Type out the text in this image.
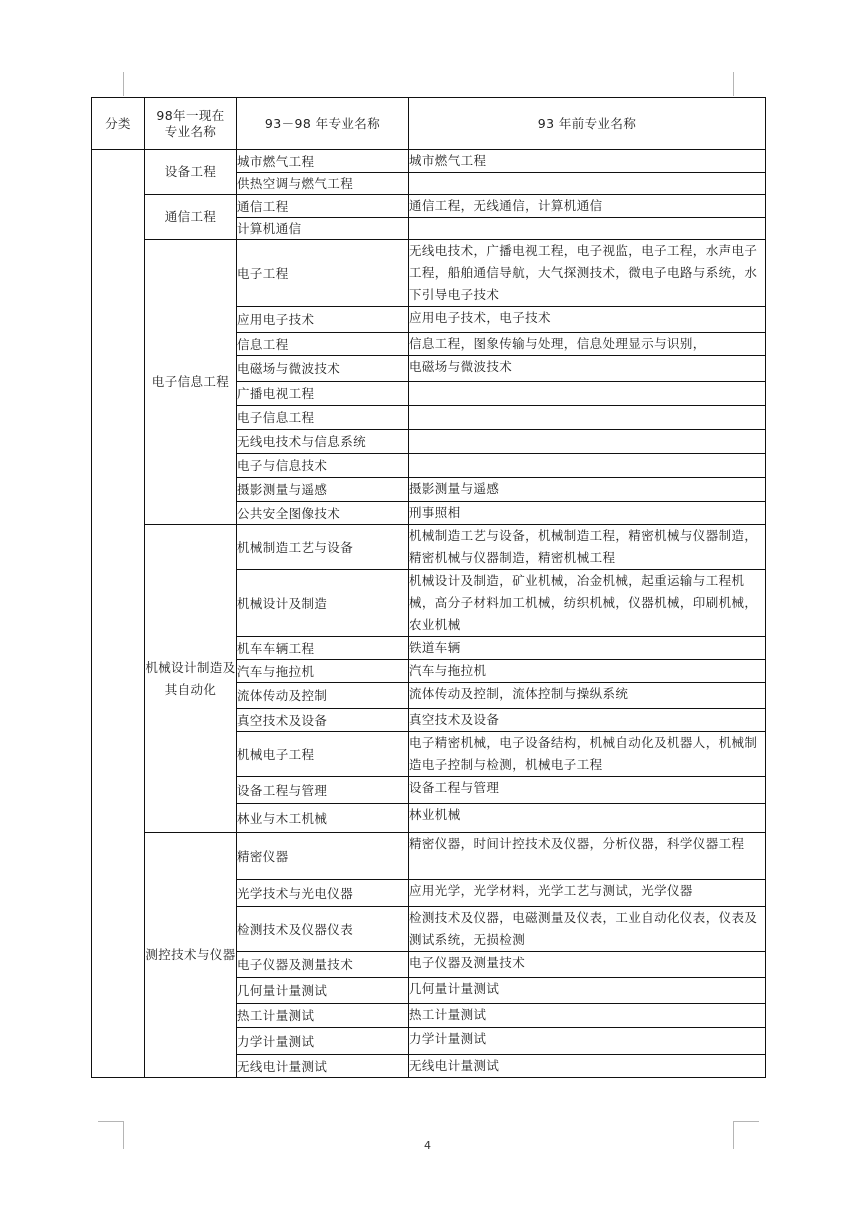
分类	98年一现在专业名称	93－98 年专业名称	93 年前专业名称
	设备工程	城市燃气工程	城市燃气工程
		供热空调与燃气工程	
	通信工程	通信工程	通信工程，无线通信，计算机通信
		计算机通信	
	电子信息工程	电子工程	无线电技术，广播电视工程，电子视监，电子工程，水声电子工程，船舶通信导航，大气探测技术，微电子电路与系统，水下引导电子技术
		应用电子技术	应用电子技术，电子技术
		信息工程	信息工程，图象传输与处理，信息处理显示与识别，
		电磁场与微波技术	电磁场与微波技术
		广播电视工程	
		电子信息工程	
		无线电技术与信息系统	
		电子与信息技术	
		摄影测量与遥感	摄影测量与遥感
		公共安全图像技术	刑事照相
	机械设计制造及其自动化	机械制造工艺与设备	机械制造工艺与设备，机械制造工程，精密机械与仪器制造，精密机械与仪器制造，精密机械工程
		机械设计及制造	机械设计及制造，矿业机械，冶金机械，起重运输与工程机械，高分子材料加工机械，纺织机械，仪器机械，印刷机械，农业机械
		机车车辆工程	铁道车辆
		汽车与拖拉机	汽车与拖拉机
		流体传动及控制	流体传动及控制，流体控制与操纵系统
		真空技术及设备	真空技术及设备
		机械电子工程	电子精密机械，电子设备结构，机械自动化及机器人，机械制造电子控制与检测，机械电子工程
		设备工程与管理	设备工程与管理
		林业与木工机械	林业机械
	测控技术与仪器	精密仪器	精密仪器，时间计控技术及仪器，分析仪器，科学仪器工程
		光学技术与光电仪器	应用光学，光学材料，光学工艺与测试，光学仪器
		检测技术及仪器仪表	检测技术及仪器，电磁测量及仪表，工业自动化仪表，仪表及测试系统，无损检测
		电子仪器及测量技术	电子仪器及测量技术
		几何量计量测试	几何量计量测试
		热工计量测试	热工计量测试
		力学计量测试	力学计量测试
		无线电计量测试	无线电计量测试
4
